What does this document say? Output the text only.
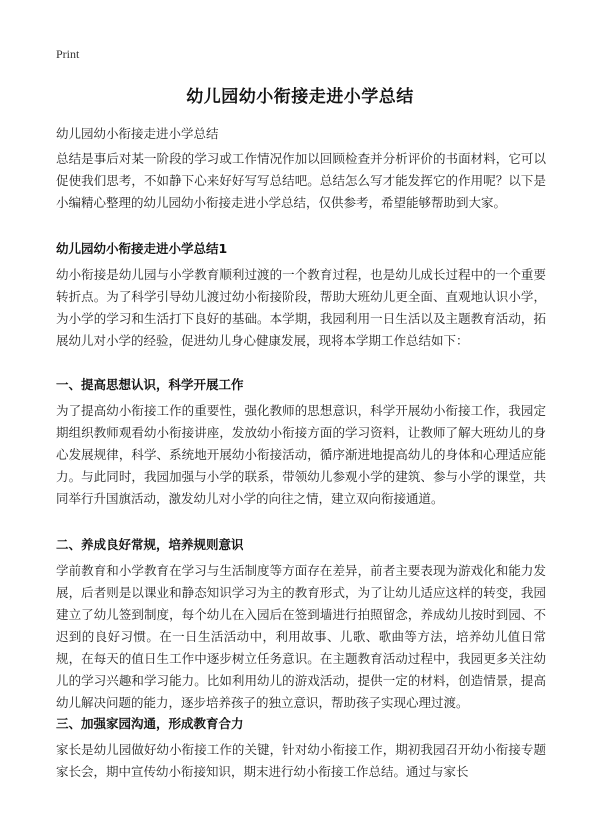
Print
幼儿园幼小衔接走进小学总结
幼儿园幼小衔接走进小学总结
总结是事后对某一阶段的学习或工作情况作加以回顾检查并分析评价的书面材料，它可以促使我们思考，不如静下心来好好写写总结吧。总结怎么写才能发挥它的作用呢？以下是小编精心整理的幼儿园幼小衔接走进小学总结，仅供参考，希望能够帮助到大家。
幼儿园幼小衔接走进小学总结1
幼小衔接是幼儿园与小学教育顺利过渡的一个教育过程，也是幼儿成长过程中的一个重要转折点。为了科学引导幼儿渡过幼小衔接阶段，帮助大班幼儿更全面、直观地认识小学，为小学的学习和生活打下良好的基础。本学期，我园利用一日生活以及主题教育活动，拓展幼儿对小学的经验，促进幼儿身心健康发展，现将本学期工作总结如下：
一、提高思想认识，科学开展工作
为了提高幼小衔接工作的重要性，强化教师的思想意识，科学开展幼小衔接工作，我园定期组织教师观看幼小衔接讲座，发放幼小衔接方面的学习资料，让教师了解大班幼儿的身心发展规律，科学、系统地开展幼小衔接活动，循序渐进地提高幼儿的身体和心理适应能力。与此同时，我园加强与小学的联系，带领幼儿参观小学的建筑、参与小学的课堂，共同举行升国旗活动，激发幼儿对小学的向往之情，建立双向衔接通道。
二、养成良好常规，培养规则意识
学前教育和小学教育在学习与生活制度等方面存在差异，前者主要表现为游戏化和能力发展，后者则是以课业和静态知识学习为主的教育形式，为了让幼儿适应这样的转变，我园建立了幼儿签到制度，每个幼儿在入园后在签到墙进行拍照留念，养成幼儿按时到园、不迟到的良好习惯。在一日生活活动中，利用故事、儿歌、歌曲等方法，培养幼儿值日常规，在每天的值日生工作中逐步树立任务意识。在主题教育活动过程中，我园更多关注幼儿的学习兴趣和学习能力。比如利用幼儿的游戏活动，提供一定的材料，创造情景，提高幼儿解决问题的能力，逐步培养孩子的独立意识，帮助孩子实现心理过渡。
三、加强家园沟通，形成教育合力
家长是幼儿园做好幼小衔接工作的关键，针对幼小衔接工作，期初我园召开幼小衔接专题家长会，期中宣传幼小衔接知识，期末进行幼小衔接工作总结。通过与家长
